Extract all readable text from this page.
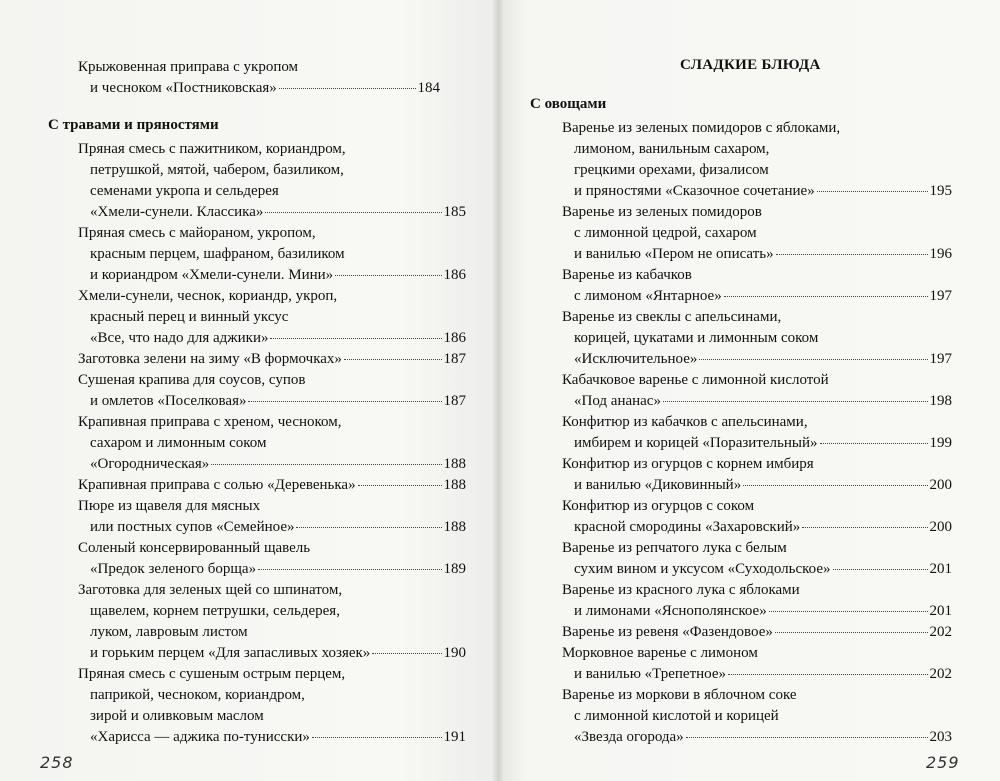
Крыжовенная приправа с укропом
и чесноком «Постниковская»	184
С травами и пряностями
Пряная смесь с пажитником, кориандром,
петрушкой, мятой, чабером, базиликом,
семенами укропа и сельдерея
«Хмели-сунели. Классика»	185
Пряная смесь с майораном, укропом,
красным перцем, шафраном, базиликом
и кориандром «Хмели-сунели. Мини»	186
Хмели-сунели, чеснок, кориандр, укроп,
красный перец и винный уксус
«Все, что надо для аджики»	186
Заготовка зелени на зиму «В формочках»	187
Сушеная крапива для соусов, супов
и омлетов «Поселковая»	187
Крапивная приправа с хреном, чесноком,
сахаром и лимонным соком
«Огородническая»	188
Крапивная приправа с солью «Деревенька»	188
Пюре из щавеля для мясных
или постных супов «Семейное»	188
Соленый консервированный щавель
«Предок зеленого борща»	189
Заготовка для зеленых щей со шпинатом,
щавелем, корнем петрушки, сельдерея,
луком, лавровым листом
и горьким перцем «Для запасливых хозяек»	190
Пряная смесь с сушеным острым перцем,
паприкой, чесноком, кориандром,
зирой и оливковым маслом
«Харисса — аджика по-тунисски»	191
258
СЛАДКИЕ БЛЮДА
С овощами
Варенье из зеленых помидоров с яблоками,
лимоном, ванильным сахаром,
грецкими орехами, физалисом
и пряностями «Сказочное сочетание»	195
Варенье из зеленых помидоров
с лимонной цедрой, сахаром
и ванилью «Пером не описать»	196
Варенье из кабачков
с лимоном «Янтарное»	197
Варенье из свеклы с апельсинами,
корицей, цукатами и лимонным соком
«Исключительное»	197
Кабачковое варенье с лимонной кислотой
«Под ананас»	198
Конфитюр из кабачков с апельсинами,
имбирем и корицей «Поразительный»	199
Конфитюр из огурцов с корнем имбиря
и ванилью «Диковинный»	200
Конфитюр из огурцов с соком
красной смородины «Захаровский»	200
Варенье из репчатого лука с белым
сухим вином и уксусом «Суходольское»	201
Варенье из красного лука с яблоками
и лимонами «Яснополянское»	201
Варенье из ревеня «Фазендовое»	202
Морковное варенье с лимоном
и ванилью «Трепетное»	202
Варенье из моркови в яблочном соке
с лимонной кислотой и корицей
«Звезда огорода»	203
259
